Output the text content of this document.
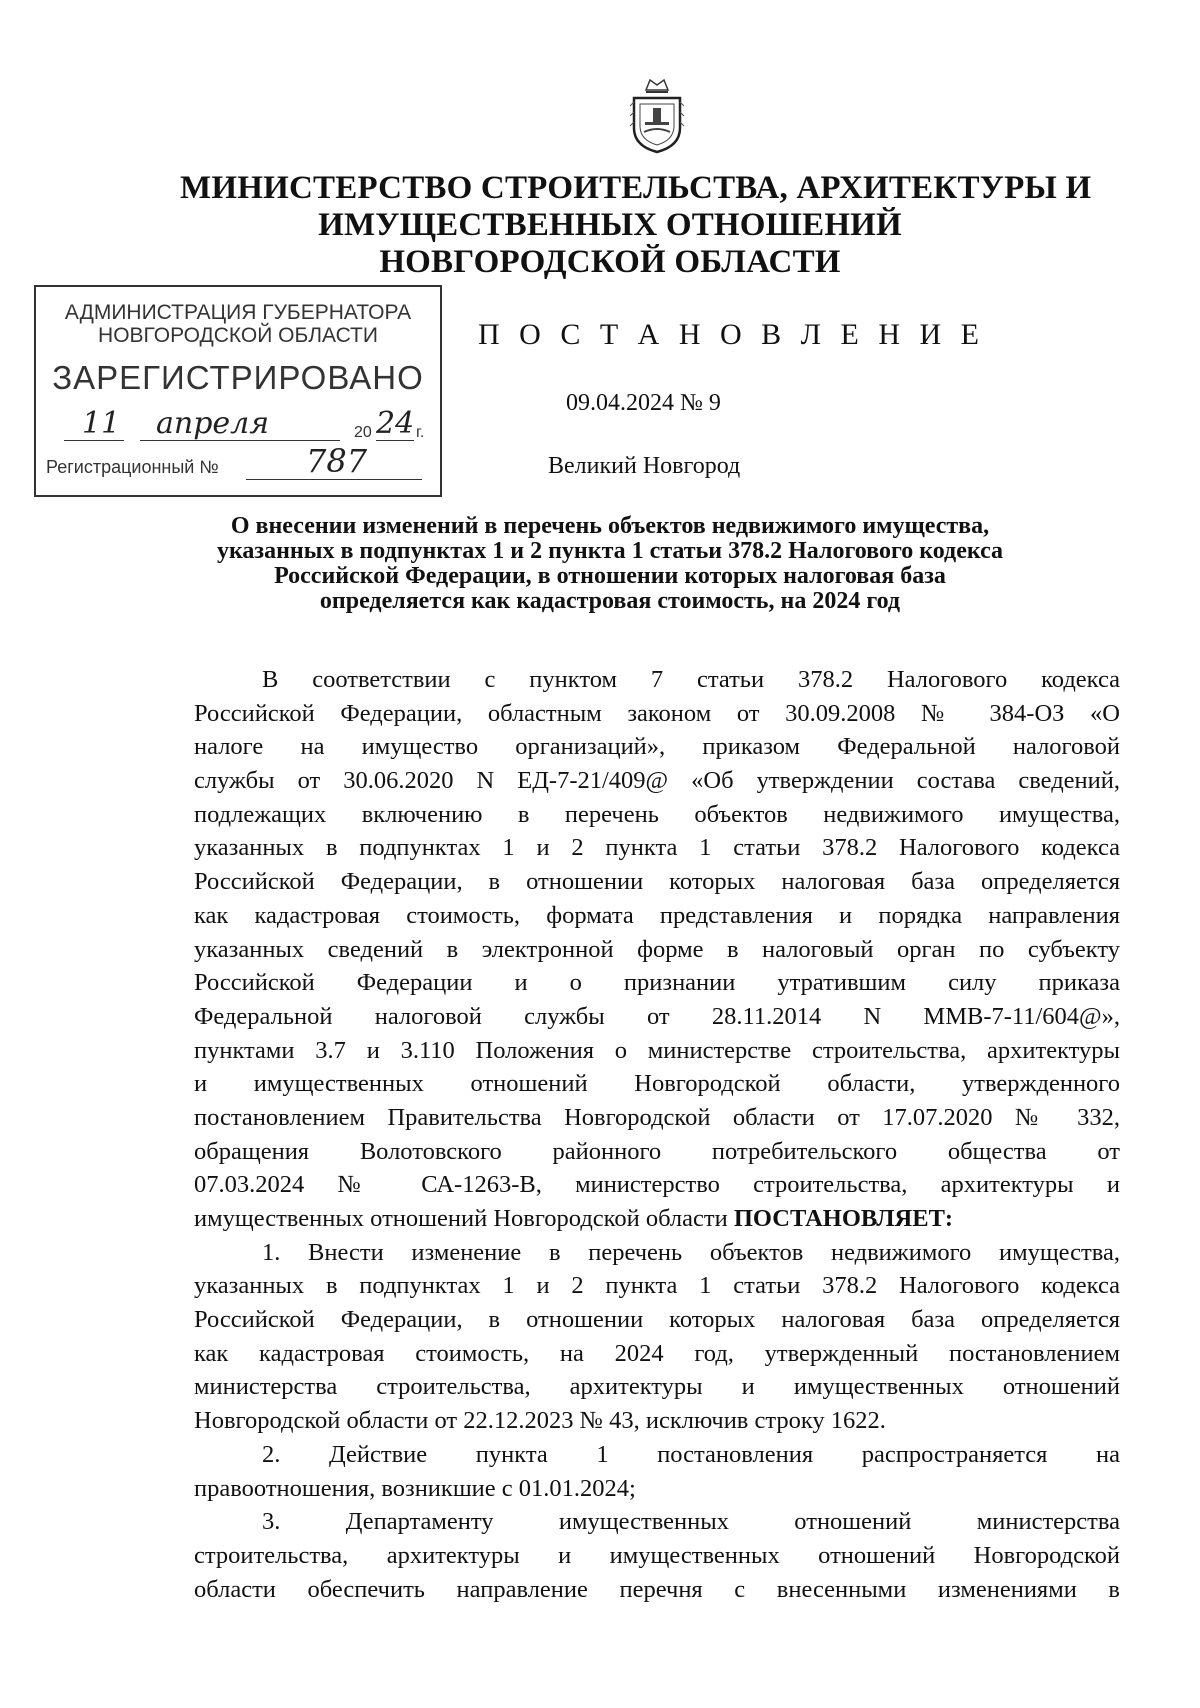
МИНИСТЕРСТВО СТРОИТЕЛЬСТВА, АРХИТЕКТУРЫ И
ИМУЩЕСТВЕННЫХ ОТНОШЕНИЙ
НОВГОРОДСКОЙ ОБЛАСТИ
АДМИНИСТРАЦИЯ ГУБЕРНАТОРА
НОВГОРОДСКОЙ ОБЛАСТИ
ЗАРЕГИСТРИРОВАНО
11 апреля	20 24 г.
Регистрационный №	787
П О С Т А Н О В Л Е Н И Е
09.04.2024 № 9
Великий Новгород
О внесении изменений в перечень объектов недвижимого имущества,
указанных в подпунктах 1 и 2 пункта 1 статьи 378.2 Налогового кодекса
Российской Федерации, в отношении которых налоговая база
определяется как кадастровая стоимость, на 2024 год
В соответствии с пунктом 7 статьи 378.2 Налогового кодекса
Российской Федерации, областным законом от 30.09.2008 № 384-ОЗ «О
налоге на имущество организаций», приказом Федеральной налоговой
службы от 30.06.2020 N ЕД-7-21/409@ «Об утверждении состава сведений,
подлежащих включению в перечень объектов недвижимого имущества,
указанных в подпунктах 1 и 2 пункта 1 статьи 378.2 Налогового кодекса
Российской Федерации, в отношении которых налоговая база определяется
как кадастровая стоимость, формата представления и порядка направления
указанных сведений в электронной форме в налоговый орган по субъекту
Российской Федерации и о признании утратившим силу приказа
Федеральной налоговой службы от 28.11.2014 N ММВ-7-11/604@»,
пунктами 3.7 и 3.110 Положения о министерстве строительства, архитектуры
и имущественных отношений Новгородской области, утвержденного
постановлением Правительства Новгородской области от 17.07.2020 № 332,
обращения Волотовского районного потребительского общества от
07.03.2024 № СА-1263-В, министерство строительства, архитектуры и
имущественных отношений Новгородской области ПОСТАНОВЛЯЕТ:
1. Внести изменение в перечень объектов недвижимого имущества,
указанных в подпунктах 1 и 2 пункта 1 статьи 378.2 Налогового кодекса
Российской Федерации, в отношении которых налоговая база определяется
как кадастровая стоимость, на 2024 год, утвержденный постановлением
министерства строительства, архитектуры и имущественных отношений
Новгородской области от 22.12.2023 № 43, исключив строку 1622.
2. Действие пункта 1 постановления распространяется на
правоотношения, возникшие с 01.01.2024;
3. Департаменту имущественных отношений министерства
строительства, архитектуры и имущественных отношений Новгородской
области обеспечить направление перечня с внесенными изменениями в
